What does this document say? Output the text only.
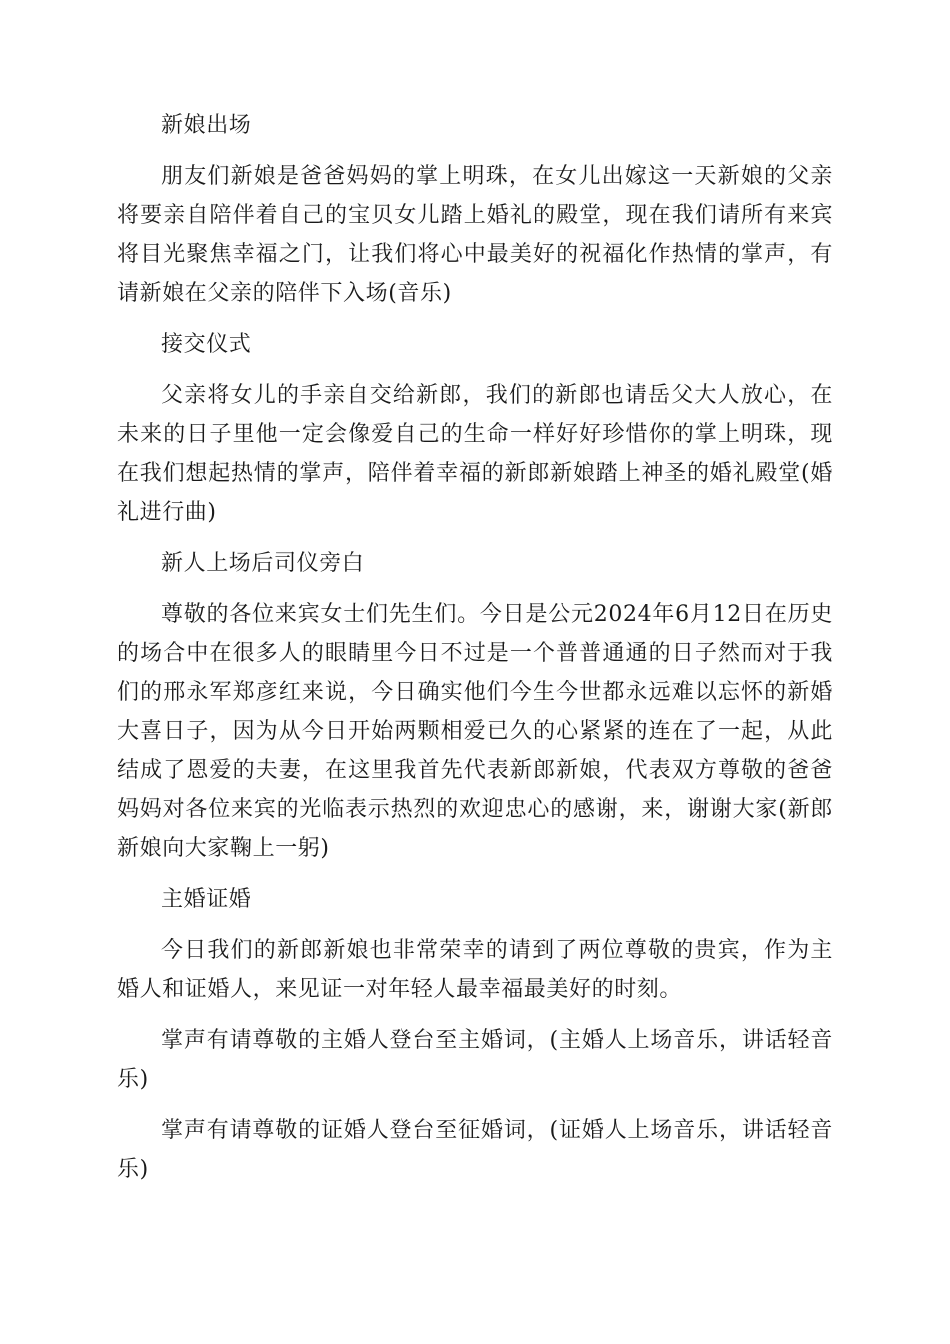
新娘出场

朋友们新娘是爸爸妈妈的掌上明珠，在女儿出嫁这一天新娘的父亲将要亲自陪伴着自己的宝贝女儿踏上婚礼的殿堂，现在我们请所有来宾将目光聚焦幸福之门，让我们将心中最美好的祝福化作热情的掌声，有请新娘在父亲的陪伴下入场(音乐)

接交仪式

父亲将女儿的手亲自交给新郎，我们的新郎也请岳父大人放心，在未来的日子里他一定会像爱自己的生命一样好好珍惜你的掌上明珠，现在我们想起热情的掌声，陪伴着幸福的新郎新娘踏上神圣的婚礼殿堂(婚礼进行曲)

新人上场后司仪旁白

尊敬的各位来宾女士们先生们。今日是公元2024年6月12日在历史的场合中在很多人的眼睛里今日不过是一个普普通通的日子然而对于我们的邢永军郑彦红来说，今日确实他们今生今世都永远难以忘怀的新婚大喜日子，因为从今日开始两颗相爱已久的心紧紧的连在了一起，从此结成了恩爱的夫妻，在这里我首先代表新郎新娘，代表双方尊敬的爸爸妈妈对各位来宾的光临表示热烈的欢迎忠心的感谢，来，谢谢大家(新郎新娘向大家鞠上一躬)

主婚证婚

今日我们的新郎新娘也非常荣幸的请到了两位尊敬的贵宾，作为主婚人和证婚人，来见证一对年轻人最幸福最美好的时刻。

掌声有请尊敬的主婚人登台至主婚词，(主婚人上场音乐，讲话轻音乐)

掌声有请尊敬的证婚人登台至征婚词，(证婚人上场音乐，讲话轻音乐)
